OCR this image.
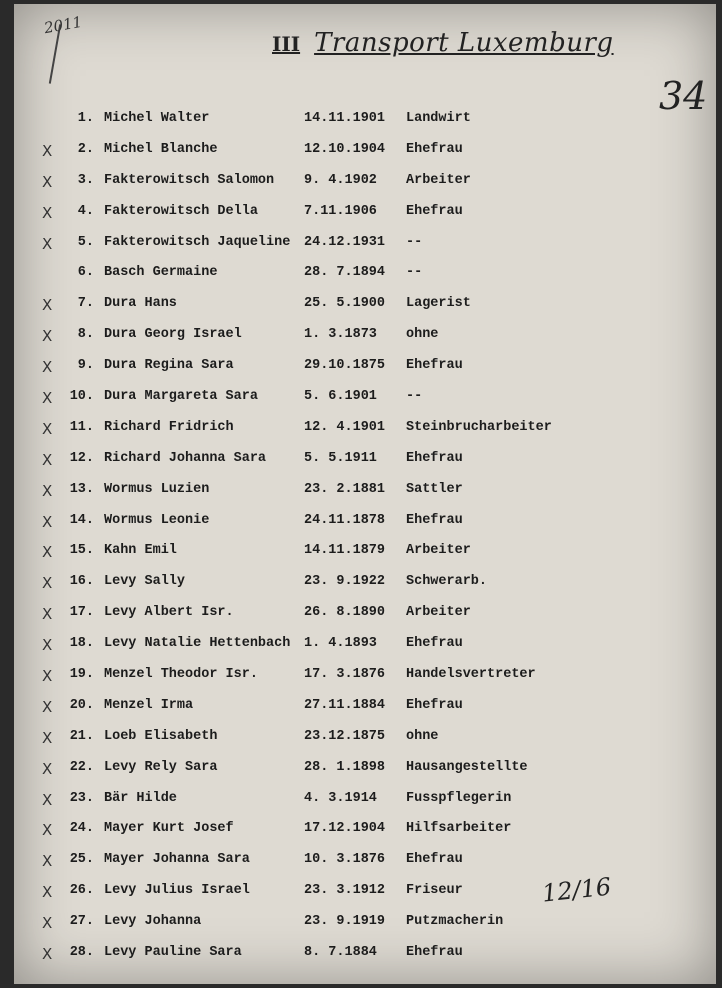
2011
III Transport Luxemburg
34
1. Michel Walter	14.11.1901 Landwirt
X	2. Michel Blanche	12.10.1904 Ehefrau
X	3. Fakterowitsch Salomon 9. 4.1902 Arbeiter
X	4. Fakterowitsch Della	7.11.1906 Ehefrau
X	5. Fakterowitsch Jaqueline 24.12.1931 --
6. Basch Germaine	28. 7.1894 --
X	7. Dura Hans	25. 5.1900 Lagerist
X	8. Dura Georg Israel	1. 3.1873 ohne
X	9. Dura Regina Sara	29.10.1875 Ehefrau
X	10. Dura Margareta Sara	5. 6.1901 --
X	11. Richard Fridrich	12. 4.1901 Steinbrucharbeiter
X	12. Richard Johanna Sara	5. 5.1911 Ehefrau
X	13. Wormus Luzien	23. 2.1881 Sattler
X	14. Wormus Leonie	24.11.1878 Ehefrau
X	15. Kahn Emil	14.11.1879 Arbeiter
X	16. Levy Sally	23. 9.1922 Schwerarb.
X	17. Levy Albert Isr.	26. 8.1890 Arbeiter
X	18. Levy Natalie Hettenbach 1. 4.1893 Ehefrau
X	19. Menzel Theodor Isr.	17. 3.1876 Handelsvertreter
X	20. Menzel Irma	27.11.1884 Ehefrau
X	21. Loeb Elisabeth	23.12.1875 ohne
X	22. Levy Rely Sara	28. 1.1898 Hausangestellte
X	23. Bär Hilde	4. 3.1914 Fusspflegerin
X	24. Mayer Kurt Josef	17.12.1904 Hilfsarbeiter
X	25. Mayer Johanna Sara	10. 3.1876 Ehefrau
X	26. Levy Julius Israel	23. 3.1912 Friseur
X	27. Levy Johanna	23. 9.1919 Putzmacherin
X	28. Levy Pauline Sara	8. 7.1884 Ehefrau
12/16
